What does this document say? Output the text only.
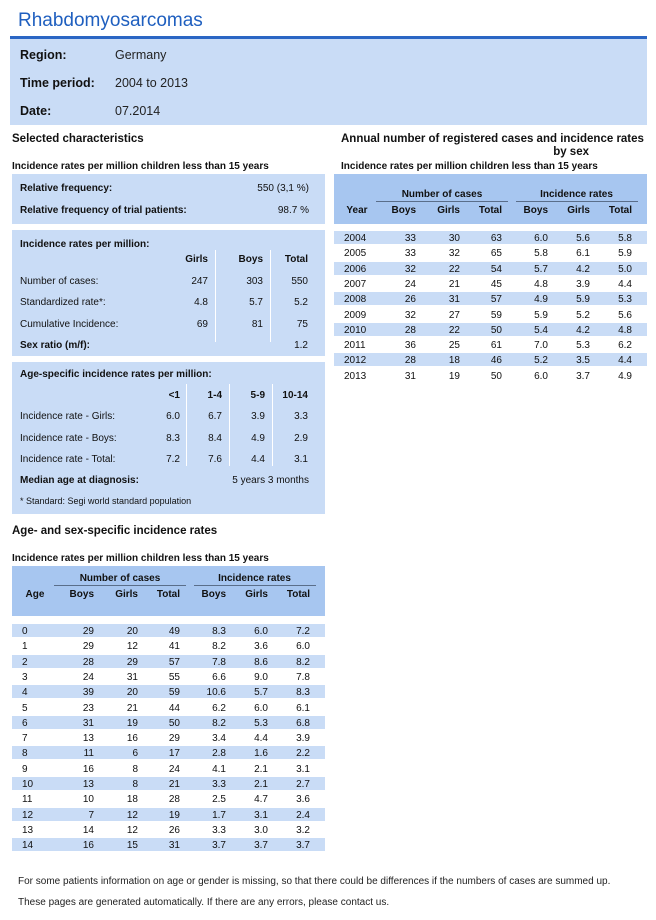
Rhabdomyosarcomas
Region:	Germany
Time period: 2004 to 2013
Date:	07.2014
Selected characteristics
Incidence rates per million children less than 15 years
Relative frequency:	550 (3,1 %)
Relative frequency of trial patients:	98.7 %
Incidence rates per million:
Girls	Boys	Total
Number of cases:	247	303	550
Standardized rate*:	4.8	5.7	5.2
Cumulative Incidence:	69	81	75
Sex ratio (m/f):	1.2
Age-specific incidence rates per million:
<1	1-4	5-9	10-14
Incidence rate - Girls:	6.0	6.7	3.9	3.3
Incidence rate - Boys:	8.3	8.4	4.9	2.9
Incidence rate - Total:	7.2	7.6	4.4	3.1
Median age at diagnosis:	5 years 3 months
* Standard: Segi world standard population
Annual number of registered cases and incidence rates
by sex
Incidence rates per million children less than 15 years
Number of cases	Incidence rates
Year	Boys	Girls	Total	Boys	Girls	Total
2004	33	30	63	6.0	5.6	5.8
2005	33	32	65	5.8	6.1	5.9
2006	32	22	54	5.7	4.2	5.0
2007	24	21	45	4.8	3.9	4.4
2008	26	31	57	4.9	5.9	5.3
2009	32	27	59	5.9	5.2	5.6
2010	28	22	50	5.4	4.2	4.8
2011	36	25	61	7.0	5.3	6.2
2012	28	18	46	5.2	3.5	4.4
2013	31	19	50	6.0	3.7	4.9
Age- and sex-specific incidence rates
Incidence rates per million children less than 15 years
Number of cases	Incidence rates
Age	Boys	Girls	Total	Boys	Girls	Total
0	29	20	49	8.3	6.0	7.2
1	29	12	41	8.2	3.6	6.0
2	28	29	57	7.8	8.6	8.2
3	24	31	55	6.6	9.0	7.8
4	39	20	59	10.6	5.7	8.3
5	23	21	44	6.2	6.0	6.1
6	31	19	50	8.2	5.3	6.8
7	13	16	29	3.4	4.4	3.9
8	11	6	17	2.8	1.6	2.2
9	16	8	24	4.1	2.1	3.1
10	13	8	21	3.3	2.1	2.7
11	10	18	28	2.5	4.7	3.6
12	7	12	19	1.7	3.1	2.4
13	14	12	26	3.3	3.0	3.2
14	16	15	31	3.7	3.7	3.7
For some patients information on age or gender is missing, so that there could be differences if the numbers of cases are summed up.
These pages are generated automatically. If there are any errors, please contact us.
